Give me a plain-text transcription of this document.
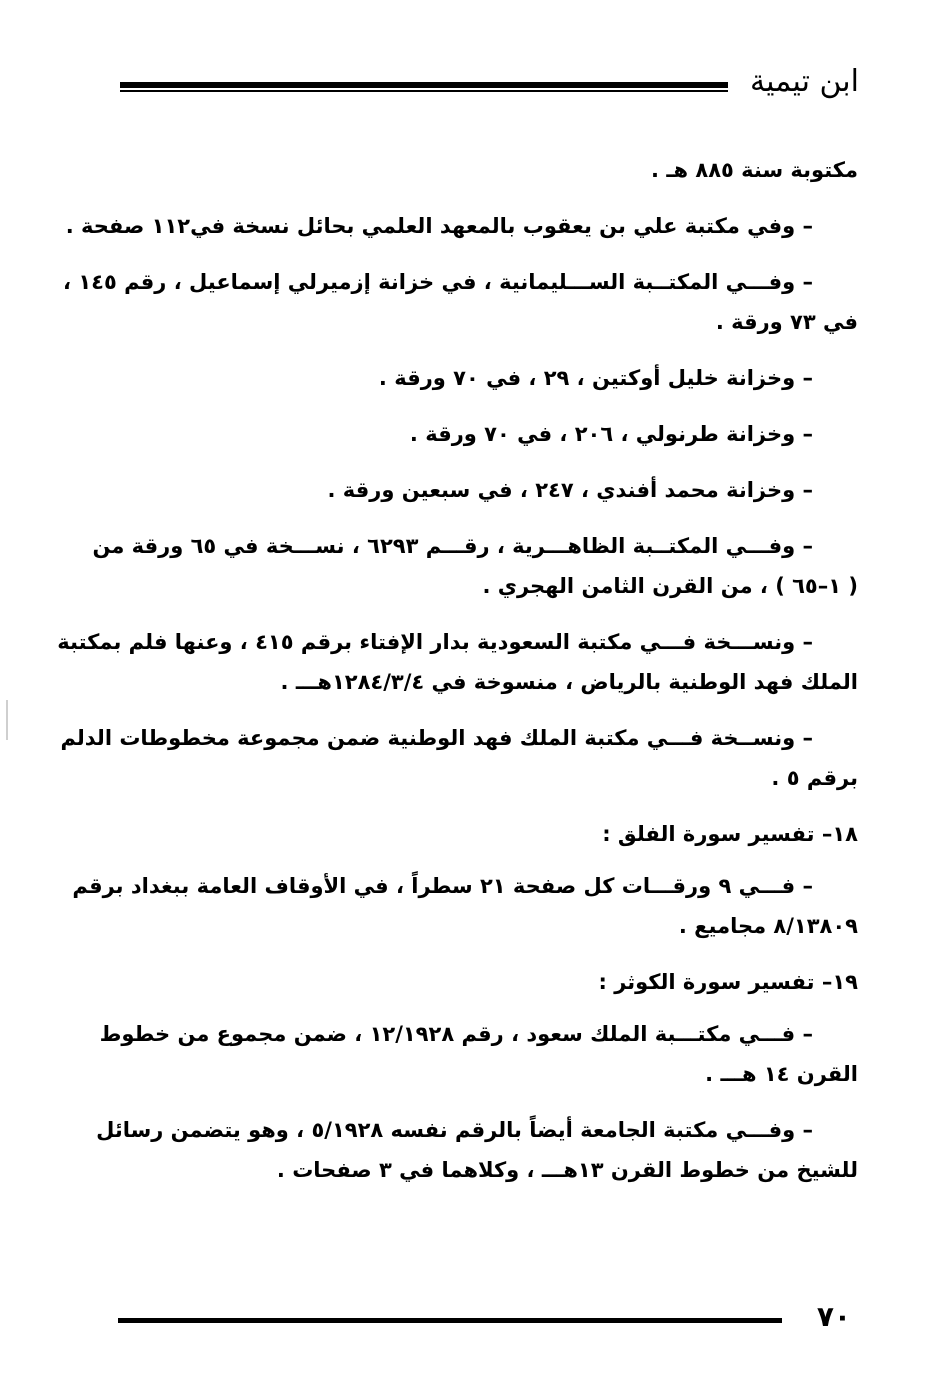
ابن تيمية
مكتوبة سنة ٨٨٥ هـ .
– وفي مكتبة علي بن يعقوب بالمعهد العلمي بحائل نسخة في١١٢ صفحة .
– وفـــي المكتــبة الســـليمانية ، في خزانة إزميرلي إسماعيل ، رقم ١٤٥ ،
في ٧٣ ورقة .
– وخزانة خليل أوكتين ، ٢٩ ، في ٧٠ ورقة .
– وخزانة طرنولي ، ٢٠٦ ، في ٧٠ ورقة .
– وخزانة محمد أفندي ، ٢٤٧ ، في سبعين ورقة .
– وفـــي المكتــبة الظاهـــرية ، رقـــم ٦٢٩٣ ، نســـخة في ٦٥ ورقة من
( ١–٦٥ ) ، من القرن الثامن الهجري .
– ونســـخة فـــي مكتبة السعودية بدار الإفتاء برقم ٤١٥ ، وعنها فلم بمكتبة
الملك فهد الوطنية بالرياض ، منسوخة في ١٢٨٤/٣/٤هـــ .
– ونســخة فـــي مكتبة الملك فهد الوطنية ضمن مجموعة مخطوطات الدلم
برقم ٥ .
١٨– تفسير سورة الفلق :
– فـــي ٩ ورقـــات كل صفحة ٢١ سطراً ، في الأوقاف العامة ببغداد برقم
٨/١٣٨٠٩ مجاميع .
١٩– تفسير سورة الكوثر :
– فـــي مكتـــبة الملك سعود ، رقم ١٢/١٩٢٨ ، ضمن مجموع من خطوط
القرن ١٤ هـــ .
– وفـــي مكتبة الجامعة أيضاً بالرقم نفسه ٥/١٩٢٨ ، وهو يتضمن رسائل
للشيخ من خطوط القرن ١٣هـــ ، وكلاهما في ٣ صفحات .
٧٠
